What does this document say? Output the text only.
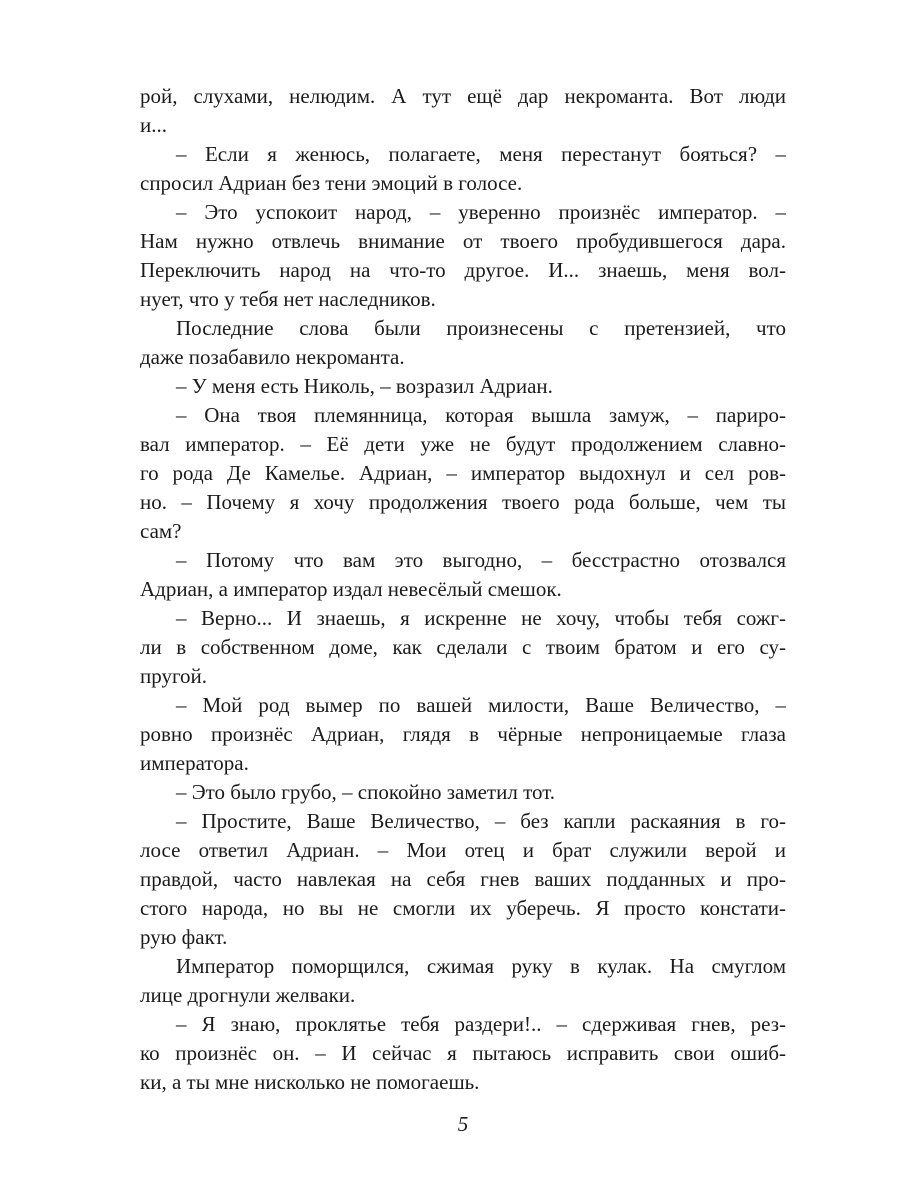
рой, слухами, нелюдим. А тут ещё дар некроманта. Вот люди
и...
– Если я женюсь, полагаете, меня перестанут бояться? –
спросил Адриан без тени эмоций в голосе.
– Это успокоит народ, – уверенно произнёс император. –
Нам нужно отвлечь внимание от твоего пробудившегося дара.
Переключить народ на что-то другое. И... знаешь, меня вол-
нует, что у тебя нет наследников.
Последние слова были произнесены с претензией, что
даже позабавило некроманта.
– У меня есть Николь, – возразил Адриан.
– Она твоя племянница, которая вышла замуж, – париро-
вал император. – Её дети уже не будут продолжением славно-
го рода Де Камелье. Адриан, – император выдохнул и сел ров-
но. – Почему я хочу продолжения твоего рода больше, чем ты
сам?
– Потому что вам это выгодно, – бесстрастно отозвался
Адриан, а император издал невесёлый смешок.
– Верно... И знаешь, я искренне не хочу, чтобы тебя сожг-
ли в собственном доме, как сделали с твоим братом и его су-
пругой.
– Мой род вымер по вашей милости, Ваше Величество, –
ровно произнёс Адриан, глядя в чёрные непроницаемые глаза
императора.
– Это было грубо, – спокойно заметил тот.
– Простите, Ваше Величество, – без капли раскаяния в го-
лосе ответил Адриан. – Мои отец и брат служили верой и
правдой, часто навлекая на себя гнев ваших подданных и про-
стого народа, но вы не смогли их уберечь. Я просто констати-
рую факт.
Император поморщился, сжимая руку в кулак. На смуглом
лице дрогнули желваки.
– Я знаю, проклятье тебя раздери!.. – сдерживая гнев, рез-
ко произнёс он. – И сейчас я пытаюсь исправить свои ошиб-
ки, а ты мне нисколько не помогаешь.
5
